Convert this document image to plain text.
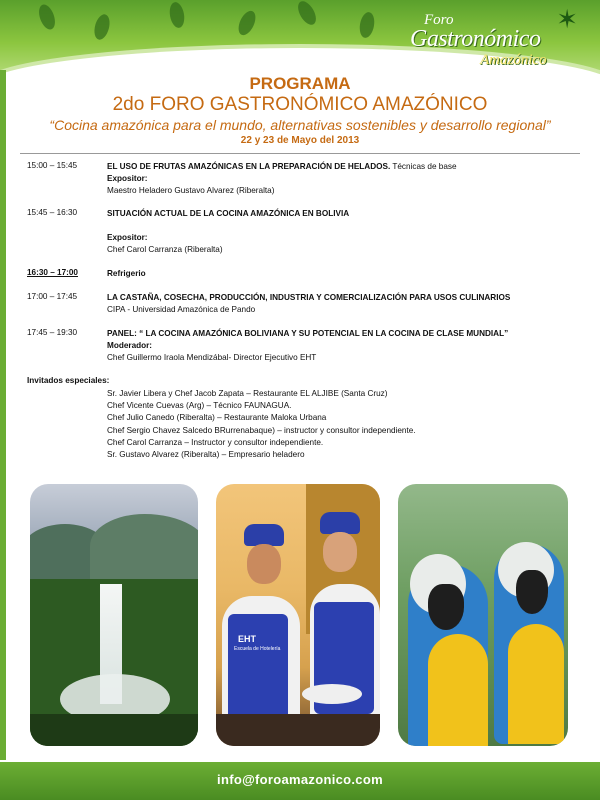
✶
Foro
Gastronómico
Amazónico
PROGRAMA
2do FORO GASTRONÓMICO AMAZÓNICO
“Cocina amazónica para el mundo, alternativas sostenibles y desarrollo regional”
22 y 23 de Mayo del 2013
15:00 – 15:45	EL USO DE FRUTAS AMAZÓNICAS EN LA PREPARACIÓN DE HELADOS. Técnicas de base
Expositor:
Maestro Heladero Gustavo Alvarez (Riberalta)
15:45 – 16:30	SITUACIÓN ACTUAL DE LA COCINA AMAZÓNICA EN BOLIVIA

Expositor:
Chef Carol Carranza (Riberalta)
16:30 – 17:00	Refrigerio
17:00 – 17:45	LA CASTAÑA, COSECHA, PRODUCCIÓN, INDUSTRIA Y COMERCIALIZACIÓN PARA USOS CULINARIOS
CIPA - Universidad Amazónica de Pando
17:45 – 19:30	PANEL: “ LA COCINA AMAZÓNICA BOLIVIANA Y SU POTENCIAL EN LA COCINA DE CLASE MUNDIAL”
Moderador:
Chef Guillermo Iraola Mendizábal- Director Ejecutivo EHT
Invitados especiales:
Sr. Javier Libera y Chef Jacob Zapata – Restaurante EL ALJIBE (Santa Cruz)
Chef Vicente Cuevas (Arg) – Técnico FAUNAGUA.
Chef Julio Canedo (Riberalta) – Restaurante Maloka Urbana
Chef Sergio Chavez Salcedo BRurrenabaque) – instructor y consultor independiente.
Chef Carol Carranza – Instructor y consultor independiente.
Sr. Gustavo Alvarez (Riberalta) – Empresario heladero
EHT
Escuela de Hotelería
info@foroamazonico.com
